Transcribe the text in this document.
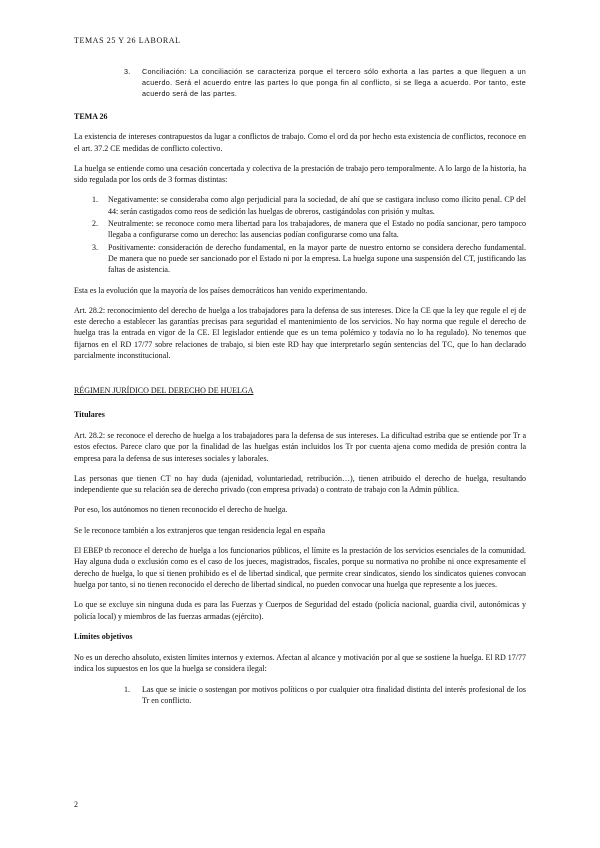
TEMAS 25 Y 26 LABORAL
3. Conciliación: La conciliación se caracteriza porque el tercero sólo exhorta a las partes a que lleguen a un acuerdo. Será el acuerdo entre las partes lo que ponga fin al conflicto, si se llega a acuerdo. Por tanto, este acuerdo será de las partes.
TEMA 26

La existencia de intereses contrapuestos da lugar a conflictos de trabajo. Como el ord da por hecho esta existencia de conflictos, reconoce en el art. 37.2 CE medidas de conflicto colectivo.

La huelga se entiende como una cesación concertada y colectiva de la prestación de trabajo pero temporalmente. A lo largo de la historia, ha sido regulada por los ords de 3 formas distintas:

1. Negativamente: se consideraba como algo perjudicial para la sociedad, de ahí que se castigara incluso como ilícito penal. CP del 44: serán castigados como reos de sedición las huelgas de obreros, castigándolas con prisión y multas.
2. Neutralmente: se reconoce como mera libertad para los trabajadores, de manera que el Estado no podía sancionar, pero tampoco llegaba a configurarse como un derecho: las ausencias podían configurarse como una falta.
3. Positivamente: consideración de derecho fundamental, en la mayor parte de nuestro entorno se considera derecho fundamental. De manera que no puede ser sancionado por el Estado ni por la empresa. La huelga supone una suspensión del CT, justificando las faltas de asistencia.

Esta es la evolución que la mayoría de los países democráticos han venido experimentando.

Art. 28.2: reconocimiento del derecho de huelga a los trabajadores para la defensa de sus intereses. Dice la CE que la ley que regule el ej de este derecho a establecer las garantías precisas para seguridad el mantenimiento de los servicios. No hay norma que regule el derecho de huelga tras la entrada en vigor de la CE. El legislador entiende que es un tema polémico y todavía no lo ha regulado). No tenemos que fijarnos en el RD 17/77 sobre relaciones de trabajo, si bien este RD hay que interpretarlo según sentencias del TC, que lo han declarado parcialmente inconstitucional.

RÉGIMEN JURÍDICO DEL DERECHO DE HUELGA
Titulares

Art. 28.2: se reconoce el derecho de huelga a los trabajadores para la defensa de sus intereses. La dificultad estriba que se entiende por Tr a estos efectos. Parece claro que por la finalidad de las huelgas están incluidos los Tr por cuenta ajena como medida de presión contra la empresa para la defensa de sus intereses sociales y laborales.

Las personas que tienen CT no hay duda (ajenidad, voluntariedad, retribución…), tienen atribuido el derecho de huelga, resultando independiente que su relación sea de derecho privado (con empresa privada) o contrato de trabajo con la Admin pública.

Por eso, los autónomos no tienen reconocido el derecho de huelga.

Se le reconoce también a los extranjeros que tengan residencia legal en españa

El EBEP tb reconoce el derecho de huelga a los funcionarios públicos, el límite es la prestación de los servicios esenciales de la comunidad. Hay alguna duda o exclusión como es el caso de los jueces, magistrados, fiscales, porque su normativa no prohíbe ni once expresamente el derecho de huelga, lo que sí tienen prohibido es el de libertad sindical, que permite crear sindicatos, siendo los sindicatos quienes convocan huelga por tanto, si no tienen reconocido el derecho de libertad sindical, no pueden convocar una huelga que represente a los jueces.

Lo que se excluye sin ninguna duda es para las Fuerzas y Cuerpos de Seguridad del estado (policía nacional, guardia civil, autonómicas y policía local) y miembros de las fuerzas armadas (ejército).

Límites objetivos

No es un derecho absoluto, existen límites internos y externos. Afectan al alcance y motivación por al que se sostiene la huelga. El RD 17/77 indica los supuestos en los que la huelga se considera ilegal:

1. Las que se inicie o sostengan por motivos políticos o por cualquier otra finalidad distinta del interés profesional de los Tr en conflicto.
2
